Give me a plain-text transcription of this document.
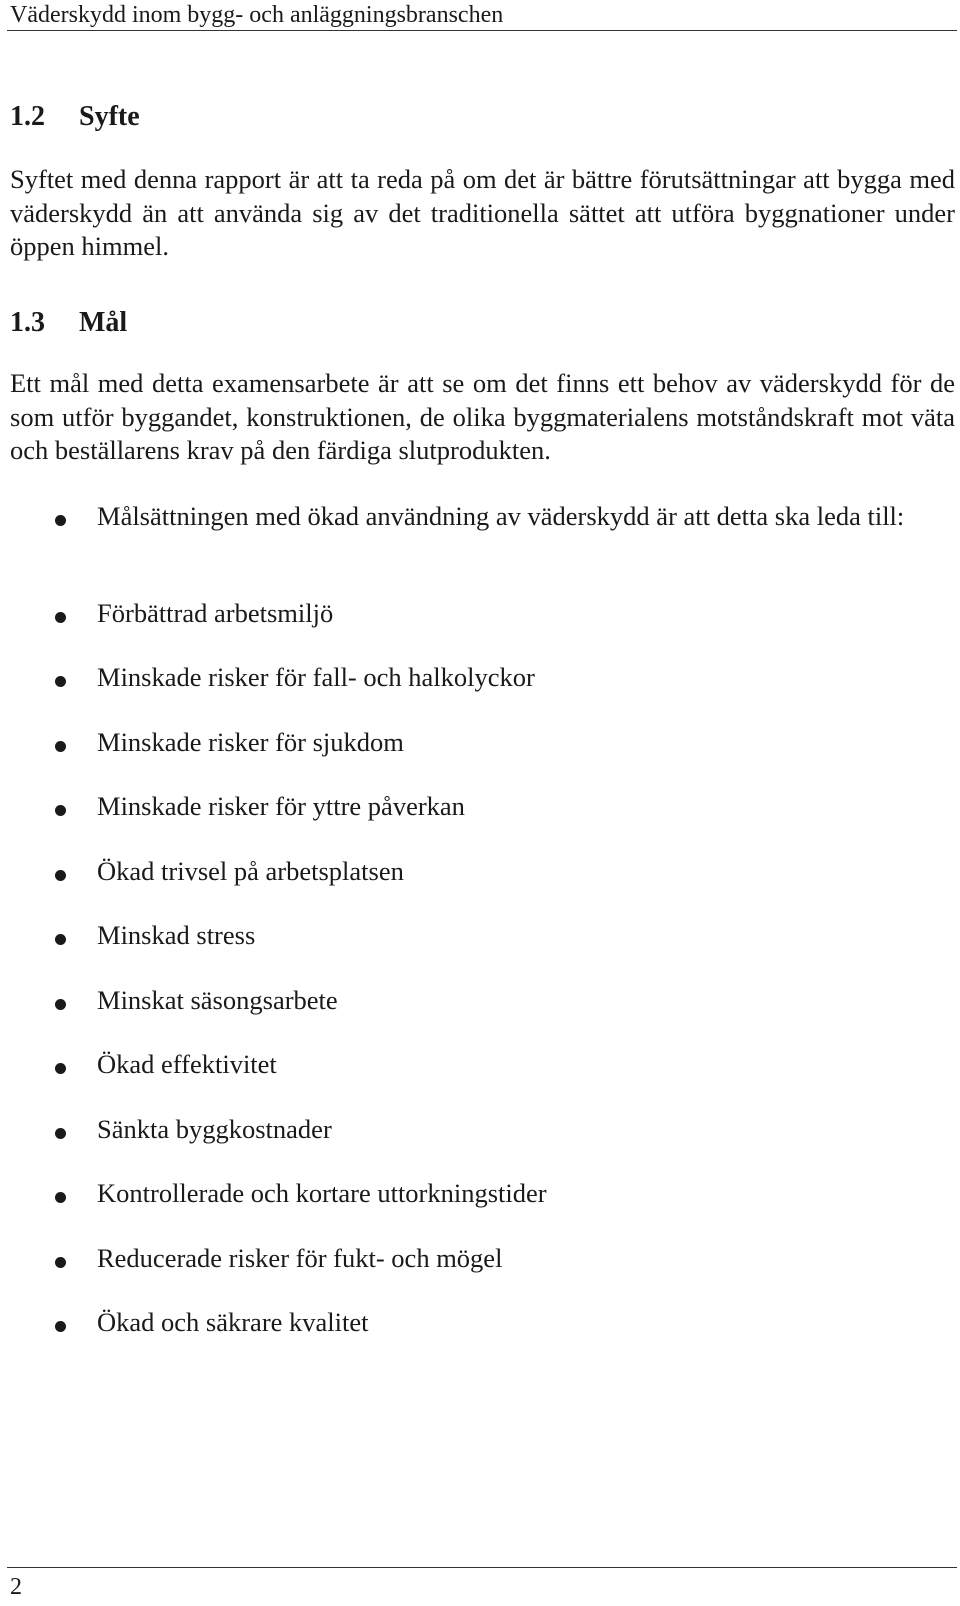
Väderskydd inom bygg- och anläggningsbranschen
1.2 Syfte
Syftet med denna rapport är att ta reda på om det är bättre förutsättningar att bygga med väderskydd än att använda sig av det traditionella sättet att utföra byggnationer under öppen himmel.
1.3 Mål
Ett mål med detta examensarbete är att se om det finns ett behov av väderskydd för de som utför byggandet, konstruktionen, de olika byggmaterialens motståndskraft mot väta och beställarens krav på den färdiga slutprodukten.
Målsättningen med ökad användning av väderskydd är att detta ska leda till:
Förbättrad arbetsmiljö
Minskade risker för fall- och halkolyckor
Minskade risker för sjukdom
Minskade risker för yttre påverkan
Ökad trivsel på arbetsplatsen
Minskad stress
Minskat säsongsarbete
Ökad effektivitet
Sänkta byggkostnader
Kontrollerade och kortare uttorkningstider
Reducerade risker för fukt- och mögel
Ökad och säkrare kvalitet
2
